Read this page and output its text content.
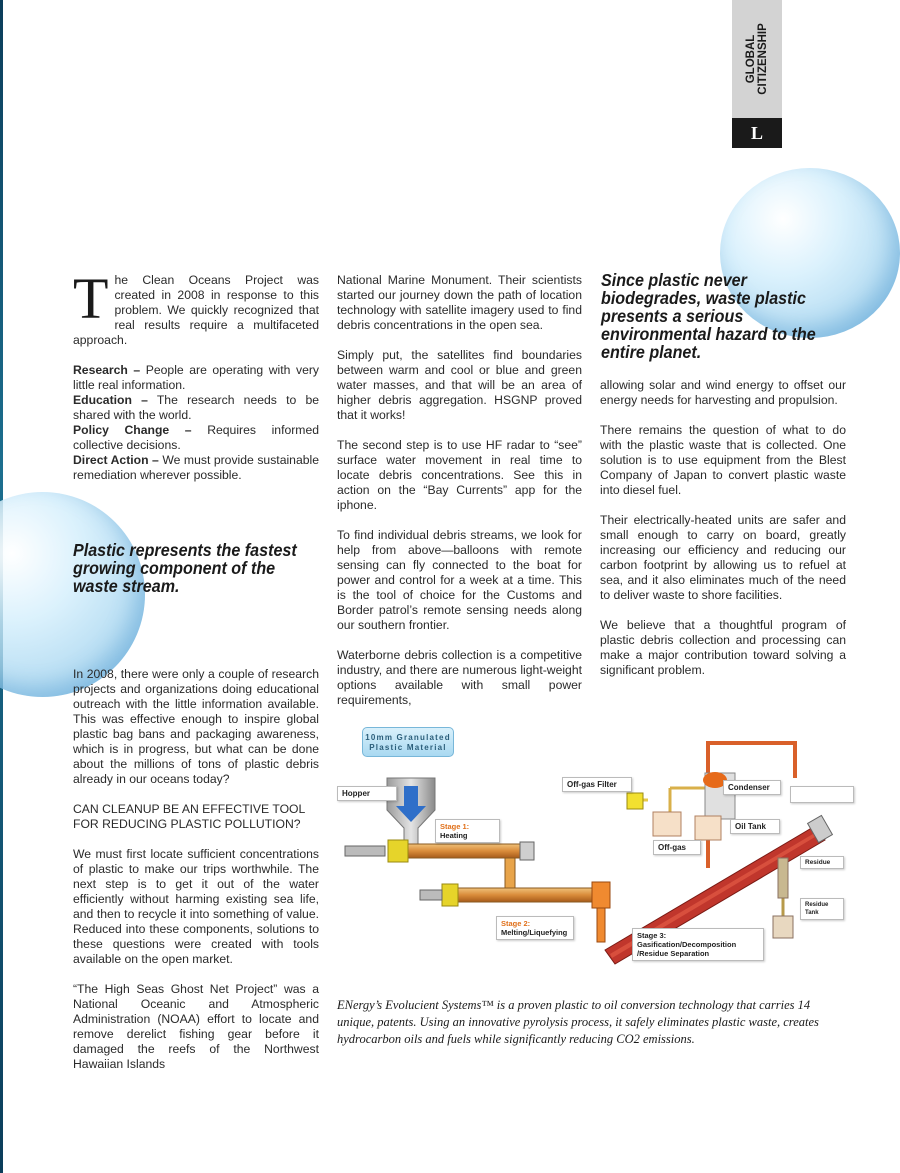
GLOBAL
CITIZENSHIP
L

The Clean Oceans Project was created in 2008 in response to this problem. We quickly recognized that real results require a multifaceted approach.

Research – People are operating with very little real information.

Education – The research needs to be shared with the world.

Policy Change – Requires informed collective decisions.

Direct Action – We must provide sustainable remediation wherever possible.

Plastic represents the fastest growing component of the waste stream.

In 2008, there were only a couple of research projects and organizations doing educational outreach with the little information available. This was effective enough to inspire global plastic bag bans and packaging awareness, which is in progress, but what can be done about the millions of tons of plastic debris already in our oceans today?

CAN CLEANUP BE AN EFFECTIVE TOOL FOR REDUCING PLASTIC POLLUTION?

We must first locate sufficient concentrations of plastic to make our trips worthwhile. The next step is to get it out of the water efficiently without harming existing sea life, and then to recycle it into something of value. Reduced into these components, solutions to these questions were created with tools available on the open market.

“The High Seas Ghost Net Project” was a National Oceanic and Atmospheric Administration (NOAA) effort to locate and remove derelict fishing gear before it damaged the reefs of the Northwest Hawaiian Islands

National Marine Monument. Their scientists started our journey down the path of location technology with satellite imagery used to find debris concentrations in the open sea.

Simply put, the satellites find boundaries between warm and cool or blue and green water masses, and that will be an area of higher debris aggregation. HSGNP proved that it works!

The second step is to use HF radar to “see” surface water movement in real time to locate debris concentrations. See this in action on the “Bay Currents” app for the iphone.

To find individual debris streams, we look for help from above—balloons with remote sensing can fly connected to the boat for power and control for a week at a time. This is the tool of choice for the Customs and Border patrol’s remote sensing needs along our southern frontier.

Waterborne debris collection is a competitive industry, and there are numerous light-weight options available with small power requirements,

Since plastic never biodegrades, waste plastic presents a serious environmental hazard to the entire planet.

allowing solar and wind energy to offset our energy needs for harvesting and propulsion.

There remains the question of what to do with the plastic waste that is collected. One solution is to use equipment from the Blest Company of Japan to convert plastic waste into diesel fuel.

Their electrically-heated units are safer and small enough to carry on board, greatly increasing our efficiency and reducing our carbon footprint by allowing us to refuel at sea, and it also eliminates much of the need to deliver waste to shore facilities.

We believe that a thoughtful program of plastic debris collection and processing can make a major contribution toward solving a significant problem.

10mm Granulated
Plastic Material
Hopper
Stage 1:
Heating
Stage 2:
Melting/Liquefying	Stage 3:
Gasification/Decomposition
/Residue Separation
Off-gas Filter	Condenser
Oil Tank
Off-gas
Residue
Residue
Tank
ENergy’s Evolucient Systems™ is a proven plastic to oil conversion technology that carries 14 unique, patents. Using an innovative pyrolysis process, it safely eliminates plastic waste, creates hydrocarbon oils and fuels while significantly reducing CO2 emissions.
